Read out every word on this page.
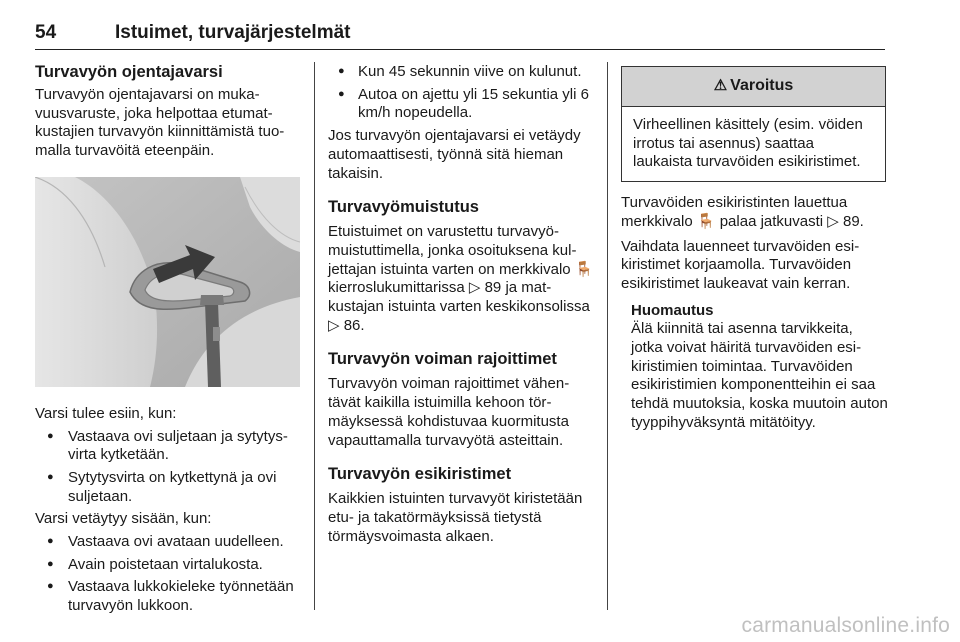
54	Istuimet, turvajärjestelmät
Turvavyön ojentajavarsi

Turvavyön ojentajavarsi on mukavuusvaruste, joka helpottaa etumatkustajien turvavyön kiinnittämistä tuomalla turvavöitä eteenpäin.

Varsi tulee esiin, kun:

● Vastaava ovi suljetaan ja sytytysvirta kytketään.
● Sytytysvirta on kytkettynä ja ovi suljetaan.

Varsi vetäytyy sisään, kun:

● Vastaava ovi avataan uudelleen.
● Avain poistetaan virtalukosta.
● Vastaava lukkokieleke työnnetään turvavyön lukkoon.
● Kun 45 sekunnin viive on kulunut.
● Autoa on ajettu yli 15 sekuntia yli 6 km/h nopeudella.

Jos turvavyön ojentajavarsi ei vetäydy automaattisesti, työnnä sitä hieman takaisin.

Turvavyömuistutus

Etuistuimet on varustettu turvavyömuistuttimella, jonka osoituksena kuljettajan istuinta varten on merkkivalo 🪑 kierroslukumittarissa ▷ 89 ja matkustajan istuinta varten keskikonsolissa ▷ 86.

Turvavyön voiman rajoittimet

Turvavyön voiman rajoittimet vähentävät kaikilla istuimilla kehoon törmäyksessä kohdistuvaa kuormitusta vapauttamalla turvavyötä asteittain.

Turvavyön esikiristimet

Kaikkien istuinten turvavyöt kiristetään etu- ja takatörmäyksissä tietystä törmäysvoimasta alkaen.

⚠ Varoitus
Virheellinen käsittely (esim. vöiden irrotus tai asennus) saattaa laukaista turvavöiden esikiristimet.

Turvavöiden esikiristinten lauettua merkkivalo 🪑 palaa jatkuvasti ▷ 89.

Vaihdata lauenneet turvavöiden esikiristimet korjaamolla. Turvavöiden esikiristimet laukeavat vain kerran.

Huomautus

Älä kiinnitä tai asenna tarvikkeita, jotka voivat häiritä turvavöiden esikiristimien toimintaa. Turvavöiden esikiristimien komponentteihin ei saa tehdä muutoksia, koska muutoin auton tyyppihyväksyntä mitätöityy.

carmanualsonline.info
